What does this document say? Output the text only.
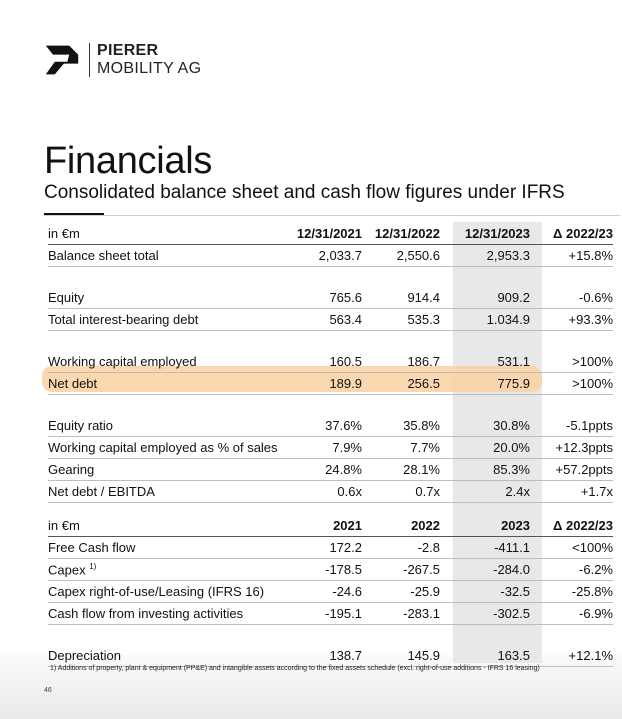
PIERER
MOBILITY AG
Financials
Consolidated balance sheet and cash flow figures under IFRS
in €m	12/31/2021	12/31/2022	12/31/2023	Δ 2022/23
Balance sheet total	2,033.7	2,550.6	2,953.3	+15.8%

Equity	765.6	914.4	909.2	-0.6%
Total interest-bearing debt	563.4	535.3	1.034.9	+93.3%

Working capital employed	160.5	186.7	531.1	>100%
Net debt	189.9	256.5	775.9	>100%

Equity ratio	37.6%	35.8%	30.8%	-5.1ppts
Working capital employed as % of sales	7.9%	7.7%	20.0%	+12.3ppts
Gearing	24.8%	28.1%	85.3%	+57.2ppts
Net debt / EBITDA	0.6x	0.7x	2.4x	+1.7x
in €m	2021	2022	2023	Δ 2022/23
Free Cash flow	172.2	-2.8	-411.1	<100%
Capex $^{1)}$	-178.5	-267.5	-284.0	-6.2%
Capex right-of-use/Leasing (IFRS 16)	-24.6	-25.9	-32.5	-25.8%
Cash flow from investing activities	-195.1	-283.1	-302.5	-6.9%

Depreciation	138.7	145.9	163.5	+12.1%
1) Additions of property, plant & equipment (PP&E) and intangible assets according to the fixed assets schedule (excl. right-of-use additions - IFRS 16 leasing)
46
